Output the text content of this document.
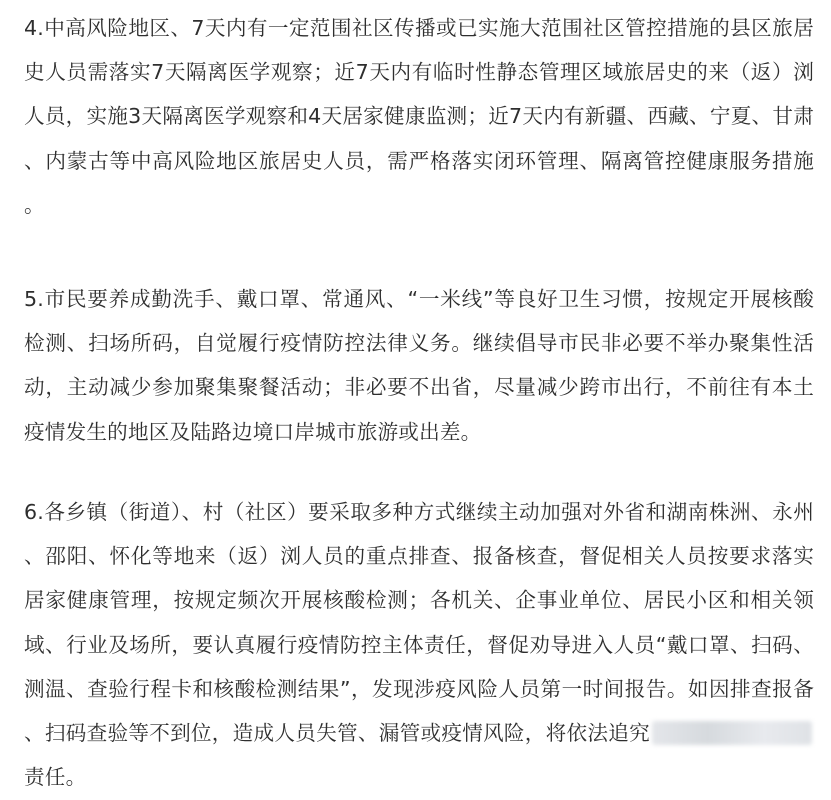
4.中高风险地区、7天内有一定范围社区传播或已实施大范围社区管控措施的县区旅居史人员需落实7天隔离医学观察；近7天内有临时性静态管理区域旅居史的来（返）浏人员，实施3天隔离医学观察和4天居家健康监测；近7天内有新疆、西藏、宁夏、甘肃、内蒙古等中高风险地区旅居史人员，需严格落实闭环管理、隔离管控健康服务措施。

5.市民要养成勤洗手、戴口罩、常通风、“一米线”等良好卫生习惯，按规定开展核酸检测、扫场所码，自觉履行疫情防控法律义务。继续倡导市民非必要不举办聚集性活动，主动减少参加聚集聚餐活动；非必要不出省，尽量减少跨市出行，不前往有本土疫情发生的地区及陆路边境口岸城市旅游或出差。

6.各乡镇（街道）、村（社区）要采取多种方式继续主动加强对外省和湖南株洲、永州、邵阳、怀化等地来（返）浏人员的重点排查、报备核查，督促相关人员按要求落实居家健康管理，按规定频次开展核酸检测；各机关、企事业单位、居民小区和相关领域、行业及场所，要认真履行疫情防控主体责任，督促劝导进入人员“戴口罩、扫码、测温、查验行程卡和核酸检测结果”，发现涉疫风险人员第一时间报告。如因排查报备、扫码查验等不到位，造成人员失管、漏管或疫情风险，将依法追究责任。
